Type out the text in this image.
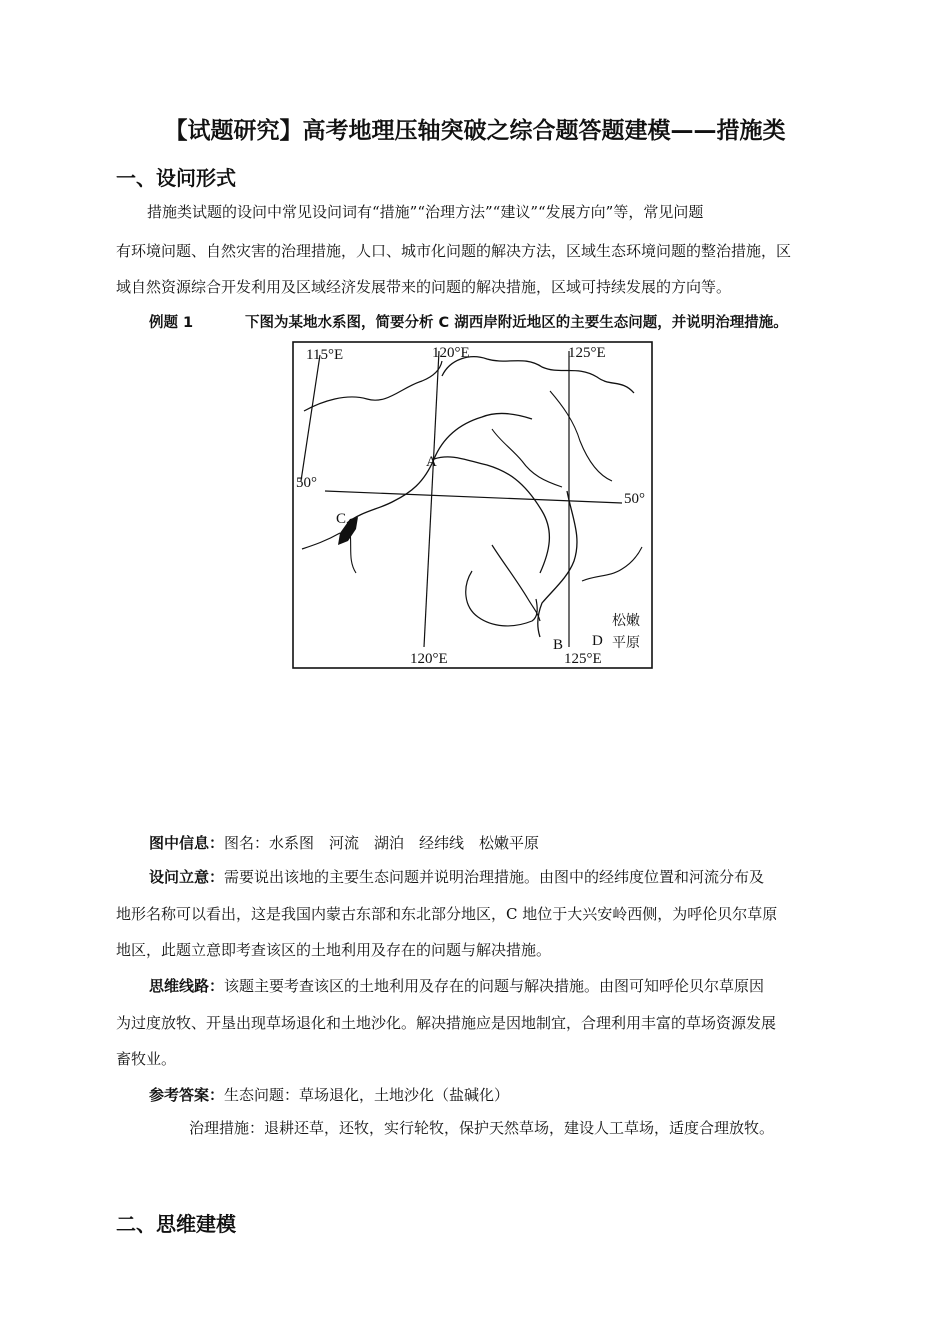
【试题研究】高考地理压轴突破之综合题答题建模——措施类
一、设问形式
措施类试题的设问中常见设问词有“措施”“治理方法”“建议”“发展方向”等，常见问题
有环境问题、自然灾害的治理措施，人口、城市化问题的解决方法，区域生态环境问题的整治措施，区
域自然资源综合开发利用及区域经济发展带来的问题的解决措施，区域可持续发展的方向等。
例题 1	下图为某地水系图，简要分析 C 湖西岸附近地区的主要生态问题，并说明治理措施。
115°E	120°E	125°E
120°E	125°E
50°
50°
A
C
B D
松嫩
平原
图中信息：图名：水系图　河流　湖泊　经纬线　松嫩平原
设问立意：需要说出该地的主要生态问题并说明治理措施。由图中的经纬度位置和河流分布及
地形名称可以看出，这是我国内蒙古东部和东北部分地区，C 地位于大兴安岭西侧，为呼伦贝尔草原
地区，此题立意即考查该区的土地利用及存在的问题与解决措施。
思维线路：该题主要考查该区的土地利用及存在的问题与解决措施。由图可知呼伦贝尔草原因
为过度放牧、开垦出现草场退化和土地沙化。解决措施应是因地制宜，合理利用丰富的草场资源发展
畜牧业。
参考答案：生态问题：草场退化，土地沙化（盐碱化）
治理措施：退耕还草，还牧，实行轮牧，保护天然草场，建设人工草场，适度合理放牧。
二、思维建模
